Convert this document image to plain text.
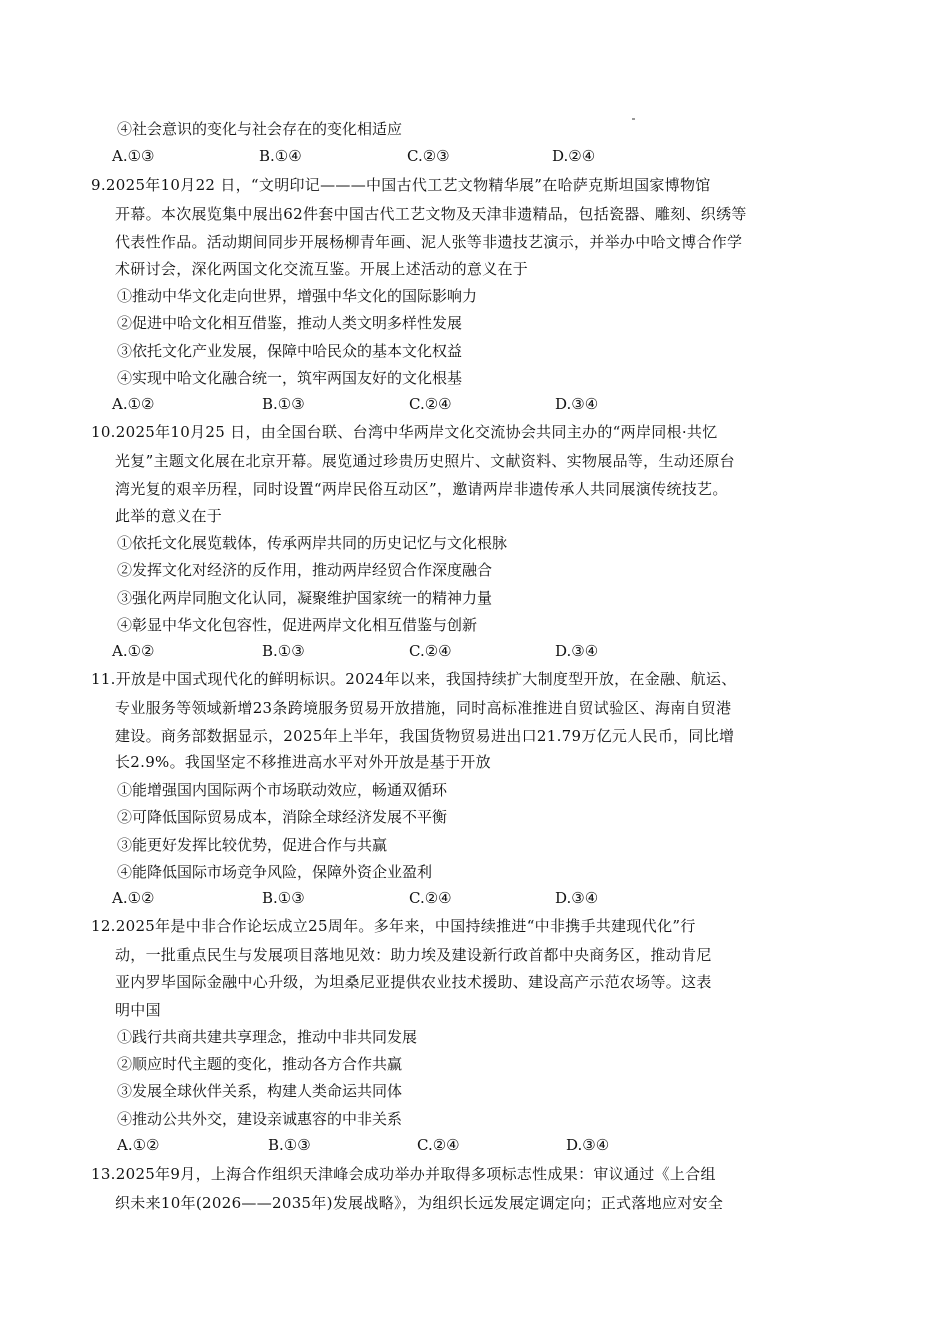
④社会意识的变化与社会存在的变化相适应
A.①③	B.①④	C.②③	D.②④
9.2025年10月22 日，“文明印记———中国古代工艺文物精华展”在哈萨克斯坦国家博物馆
开幕。本次展览集中展出62件套中国古代工艺文物及天津非遗精品，包括瓷器、雕刻、织绣等
代表性作品。活动期间同步开展杨柳青年画、泥人张等非遗技艺演示，并举办中哈文博合作学
术研讨会，深化两国文化交流互鉴。开展上述活动的意义在于
①推动中华文化走向世界，增强中华文化的国际影响力
②促进中哈文化相互借鉴，推动人类文明多样性发展
③依托文化产业发展，保障中哈民众的基本文化权益
④实现中哈文化融合统一，筑牢两国友好的文化根基
A.①②	B.①③	C.②④	D.③④
10.2025年10月25 日，由全国台联、台湾中华两岸文化交流协会共同主办的“两岸同根·共忆
光复”主题文化展在北京开幕。展览通过珍贵历史照片、文献资料、实物展品等，生动还原台
湾光复的艰辛历程，同时设置“两岸民俗互动区”，邀请两岸非遗传承人共同展演传统技艺。
此举的意义在于
①依托文化展览载体，传承两岸共同的历史记忆与文化根脉
②发挥文化对经济的反作用，推动两岸经贸合作深度融合
③强化两岸同胞文化认同，凝聚维护国家统一的精神力量
④彰显中华文化包容性，促进两岸文化相互借鉴与创新
A.①②	B.①③	C.②④	D.③④
11.开放是中国式现代化的鲜明标识。2024年以来，我国持续扩大制度型开放，在金融、航运、
专业服务等领域新增23条跨境服务贸易开放措施，同时高标准推进自贸试验区、海南自贸港
建设。商务部数据显示，2025年上半年，我国货物贸易进出口21.79万亿元人民币，同比增
长2.9%。我国坚定不移推进高水平对外开放是基于开放
①能增强国内国际两个市场联动效应，畅通双循环
②可降低国际贸易成本，消除全球经济发展不平衡
③能更好发挥比较优势，促进合作与共赢
④能降低国际市场竞争风险，保障外资企业盈利
A.①②	B.①③	C.②④	D.③④
12.2025年是中非合作论坛成立25周年。多年来，中国持续推进“中非携手共建现代化”行
动，一批重点民生与发展项目落地见效：助力埃及建设新行政首都中央商务区，推动肯尼
亚内罗毕国际金融中心升级，为坦桑尼亚提供农业技术援助、建设高产示范农场等。这表
明中国
①践行共商共建共享理念，推动中非共同发展
②顺应时代主题的变化，推动各方合作共赢
③发展全球伙伴关系，构建人类命运共同体
④推动公共外交，建设亲诚惠容的中非关系
A.①②	B.①③	C.②④	D.③④
13.2025年9月，上海合作组织天津峰会成功举办并取得多项标志性成果：审议通过《上合组
织未来10年(2026——2035年)发展战略》，为组织长远发展定调定向；正式落地应对安全
